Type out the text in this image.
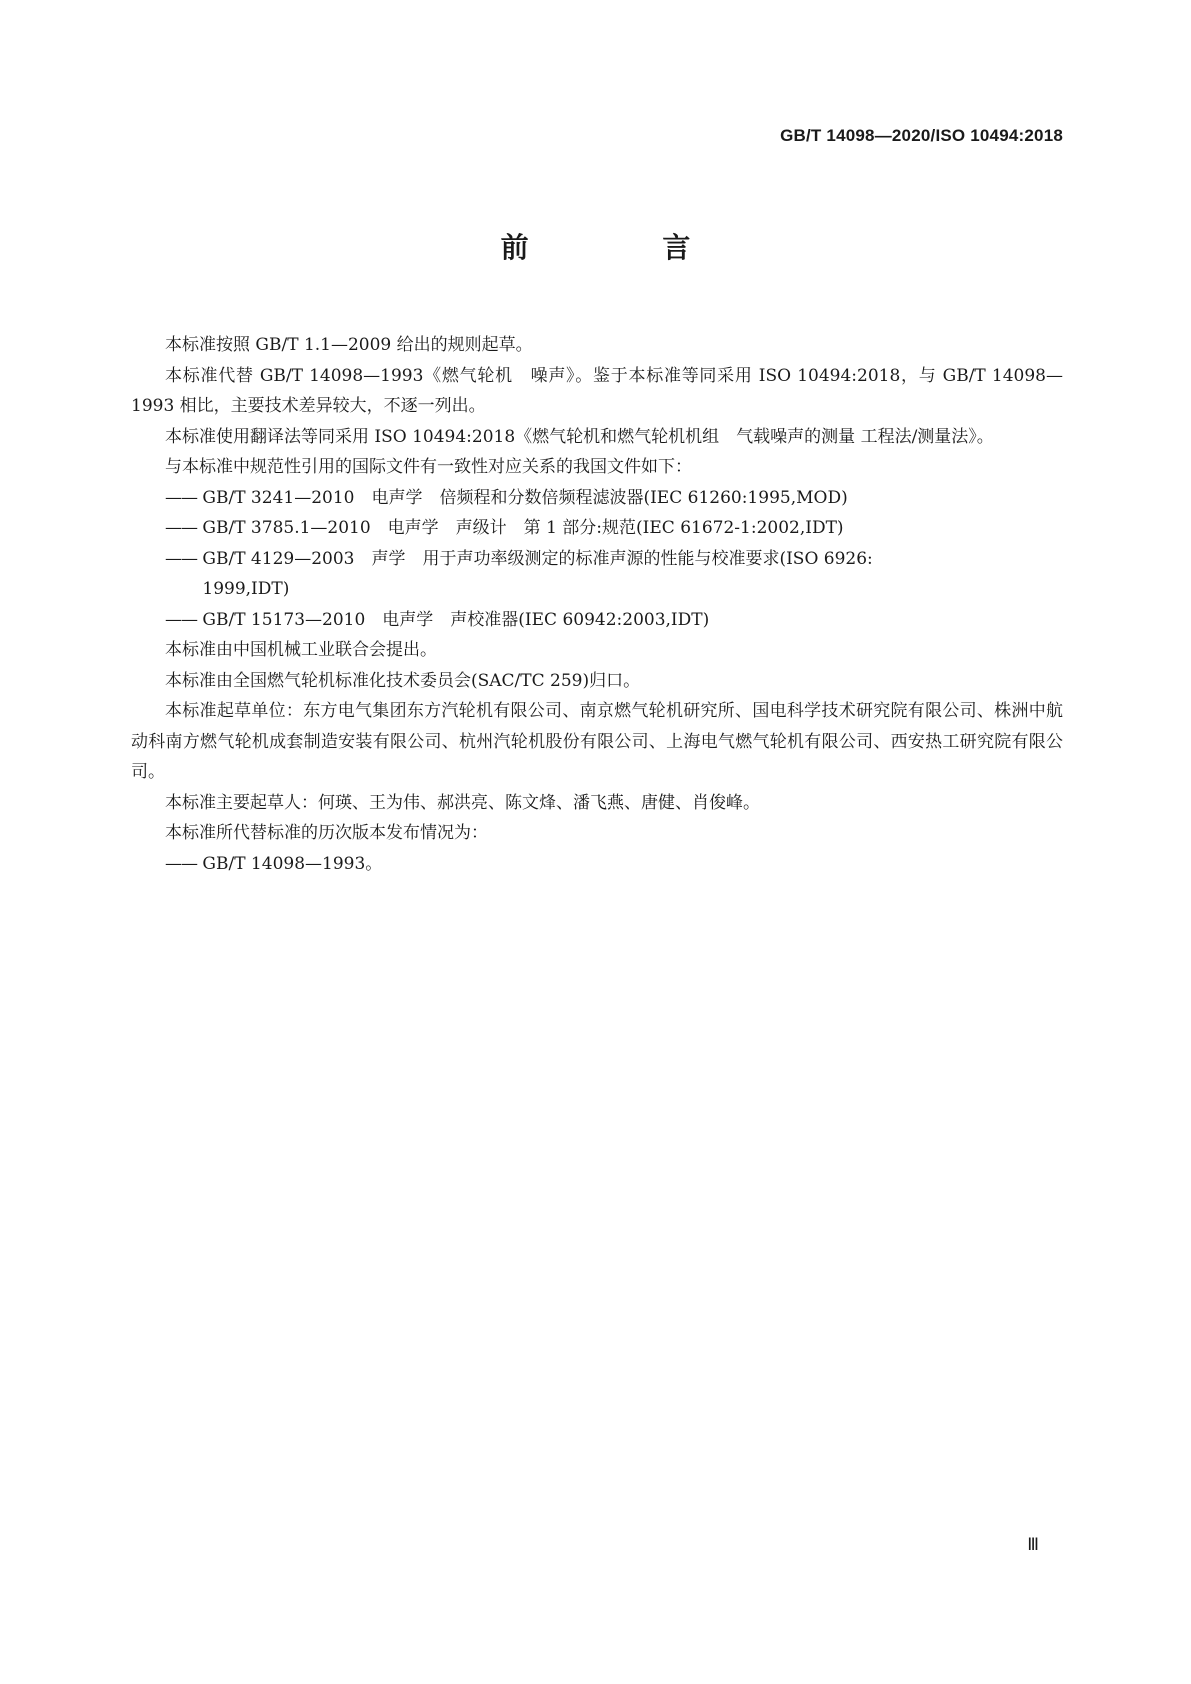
GB/T 14098—2020/ISO 10494:2018
前 言

本标准按照 GB/T 1.1—2009 给出的规则起草。

本标准代替 GB/T 14098—1993《燃气轮机　噪声》。鉴于本标准等同采用 ISO 10494:2018，与 GB/T 14098—1993 相比，主要技术差异较大，不逐一列出。

本标准使用翻译法等同采用 ISO 10494:2018《燃气轮机和燃气轮机机组　气载噪声的测量 工程法/测量法》。

与本标准中规范性引用的国际文件有一致性对应关系的我国文件如下：

—— GB/T 3241—2010　电声学　倍频程和分数倍频程滤波器(IEC 61260:1995,MOD)
—— GB/T 3785.1—2010　电声学　声级计　第 1 部分:规范(IEC 61672-1:2002,IDT)
—— GB/T 4129—2003　声学　用于声功率级测定的标准声源的性能与校准要求(ISO 6926:
1999,IDT)
—— GB/T 15173—2010　电声学　声校准器(IEC 60942:2003,IDT)

本标准由中国机械工业联合会提出。

本标准由全国燃气轮机标准化技术委员会(SAC/TC 259)归口。

本标准起草单位：东方电气集团东方汽轮机有限公司、南京燃气轮机研究所、国电科学技术研究院有限公司、株洲中航动科南方燃气轮机成套制造安装有限公司、杭州汽轮机股份有限公司、上海电气燃气轮机有限公司、西安热工研究院有限公司。

本标准主要起草人：何瑛、王为伟、郝洪亮、陈文烽、潘飞燕、唐健、肖俊峰。

本标准所代替标准的历次版本发布情况为：

—— GB/T 14098—1993。
Ⅲ
